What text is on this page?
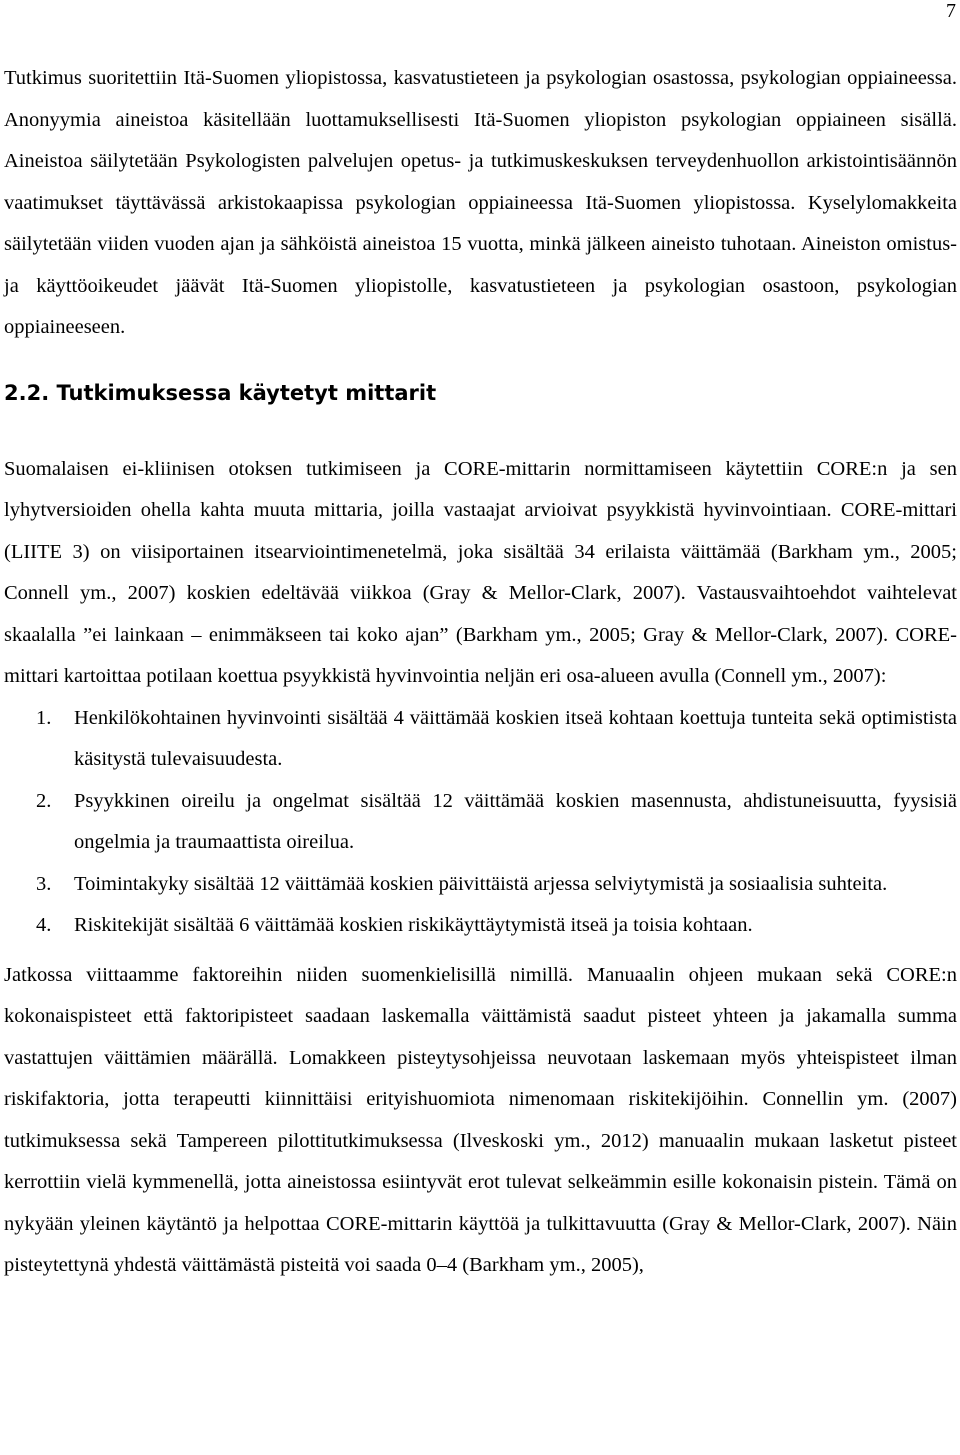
7

Tutkimus suoritettiin Itä-Suomen yliopistossa, kasvatustieteen ja psykologian osastossa, psykologian oppiaineessa. Anonyymia aineistoa käsitellään luottamuksellisesti Itä-Suomen yliopiston psykologian oppiaineen sisällä. Aineistoa säilytetään Psykologisten palvelujen opetus- ja tutkimuskeskuksen terveydenhuollon arkistointisäännön vaatimukset täyttävässä arkistokaapissa psykologian oppiaineessa Itä-Suomen yliopistossa. Kyselylomakkeita säilytetään viiden vuoden ajan ja sähköistä aineistoa 15 vuotta, minkä jälkeen aineisto tuhotaan. Aineiston omistus- ja käyttöoikeudet jäävät Itä-Suomen yliopistolle, kasvatustieteen ja psykologian osastoon, psykologian oppiaineeseen.

2.2. Tutkimuksessa käytetyt mittarit

Suomalaisen ei-kliinisen otoksen tutkimiseen ja CORE-mittarin normittamiseen käytettiin CORE:n ja sen lyhytversioiden ohella kahta muuta mittaria, joilla vastaajat arvioivat psyykkistä hyvinvointiaan. CORE-mittari (LIITE 3) on viisiportainen itsearviointimenetelmä, joka sisältää 34 erilaista väittämää (Barkham ym., 2005; Connell ym., 2007) koskien edeltävää viikkoa (Gray & Mellor-Clark, 2007). Vastausvaihtoehdot vaihtelevat skaalalla ”ei lainkaan – enimmäkseen tai koko ajan” (Barkham ym., 2005; Gray & Mellor-Clark, 2007). CORE-mittari kartoittaa potilaan koettua psyykkistä hyvinvointia neljän eri osa-alueen avulla (Connell ym., 2007):

1. Henkilökohtainen hyvinvointi sisältää 4 väittämää koskien itseä kohtaan koettuja tunteita sekä optimistista käsitystä tulevaisuudesta.
2. Psyykkinen oireilu ja ongelmat sisältää 12 väittämää koskien masennusta, ahdistuneisuutta, fyysisiä ongelmia ja traumaattista oireilua.
3. Toimintakyky sisältää 12 väittämää koskien päivittäistä arjessa selviytymistä ja sosiaalisia suhteita.
4. Riskitekijät sisältää 6 väittämää koskien riskikäyttäytymistä itseä ja toisia kohtaan.

Jatkossa viittaamme faktoreihin niiden suomenkielisillä nimillä. Manuaalin ohjeen mukaan sekä CORE:n kokonaispisteet että faktoripisteet saadaan laskemalla väittämistä saadut pisteet yhteen ja jakamalla summa vastattujen väittämien määrällä. Lomakkeen pisteytysohjeissa neuvotaan laskemaan myös yhteispisteet ilman riskifaktoria, jotta terapeutti kiinnittäisi erityishuomiota nimenomaan riskitekijöihin. Connellin ym. (2007) tutkimuksessa sekä Tampereen pilottitutkimuksessa (Ilveskoski ym., 2012) manuaalin mukaan lasketut pisteet kerrottiin vielä kymmenellä, jotta aineistossa esiintyvät erot tulevat selkeämmin esille kokonaisin pistein. Tämä on nykyään yleinen käytäntö ja helpottaa CORE-mittarin käyttöä ja tulkittavuutta (Gray & Mellor-Clark, 2007). Näin pisteytettynä yhdestä väittämästä pisteitä voi saada 0–4 (Barkham ym., 2005),
